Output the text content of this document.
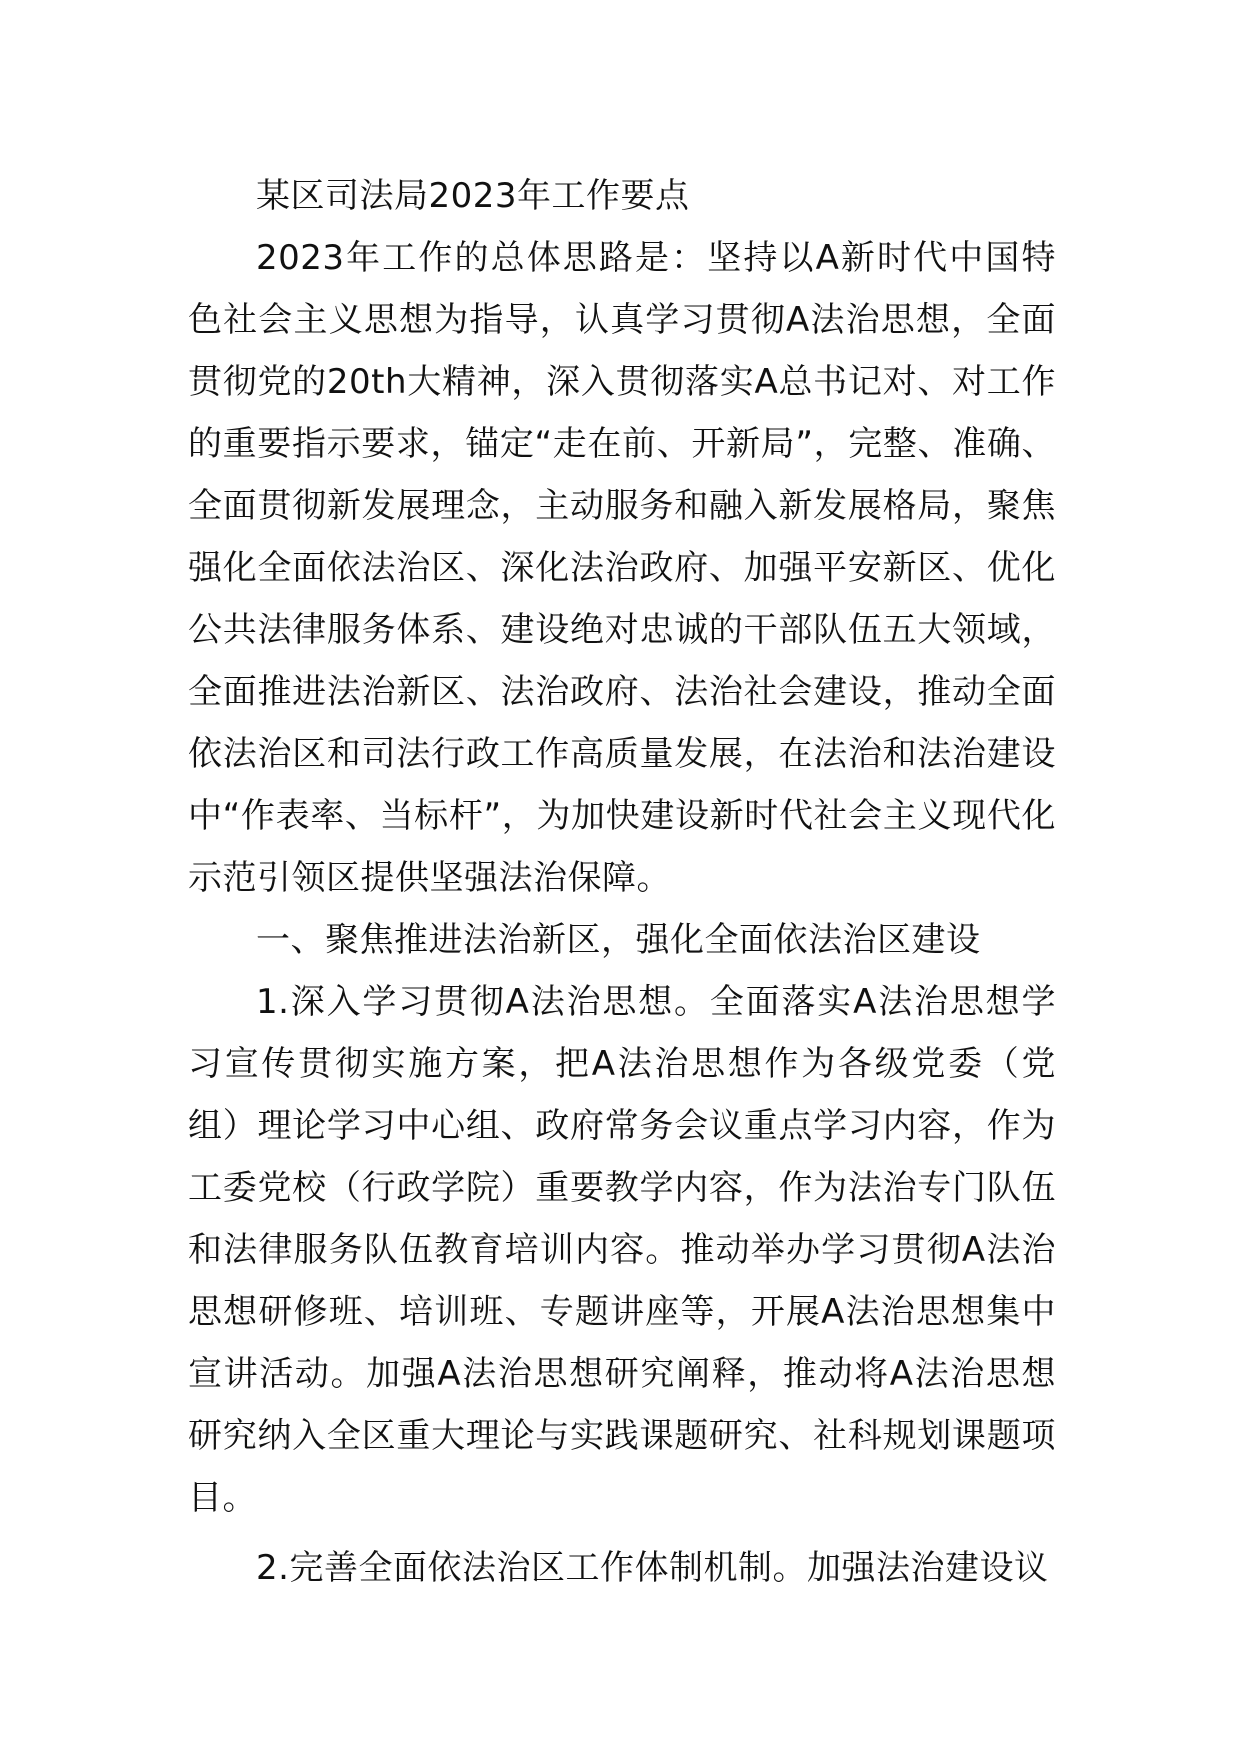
某区司法局2023年工作要点

2023年工作的总体思路是：坚持以A新时代中国特色社会主义思想为指导，认真学习贯彻A法治思想，全面贯彻党的20th大精神，深入贯彻落实A总书记对、对工作的重要指示要求，锚定“走在前、开新局”，完整、准确、全面贯彻新发展理念，主动服务和融入新发展格局，聚焦强化全面依法治区、深化法治政府、加强平安新区、优化公共法律服务体系、建设绝对忠诚的干部队伍五大领域，全面推进法治新区、法治政府、法治社会建设，推动全面依法治区和司法行政工作高质量发展，在法治和法治建设中“作表率、当标杆”，为加快建设新时代社会主义现代化示范引领区提供坚强法治保障。

一、聚焦推进法治新区，强化全面依法治区建设

1.深入学习贯彻A法治思想。全面落实A法治思想学习宣传贯彻实施方案，把A法治思想作为各级党委（党组）理论学习中心组、政府常务会议重点学习内容，作为工委党校（行政学院）重要教学内容，作为法治专门队伍和法律服务队伍教育培训内容。推动举办学习贯彻A法治思想研修班、培训班、专题讲座等，开展A法治思想集中宣讲活动。加强A法治思想研究阐释，推动将A法治思想研究纳入全区重大理论与实践课题研究、社科规划课题项目。

2.完善全面依法治区工作体制机制。加强法治建设议
